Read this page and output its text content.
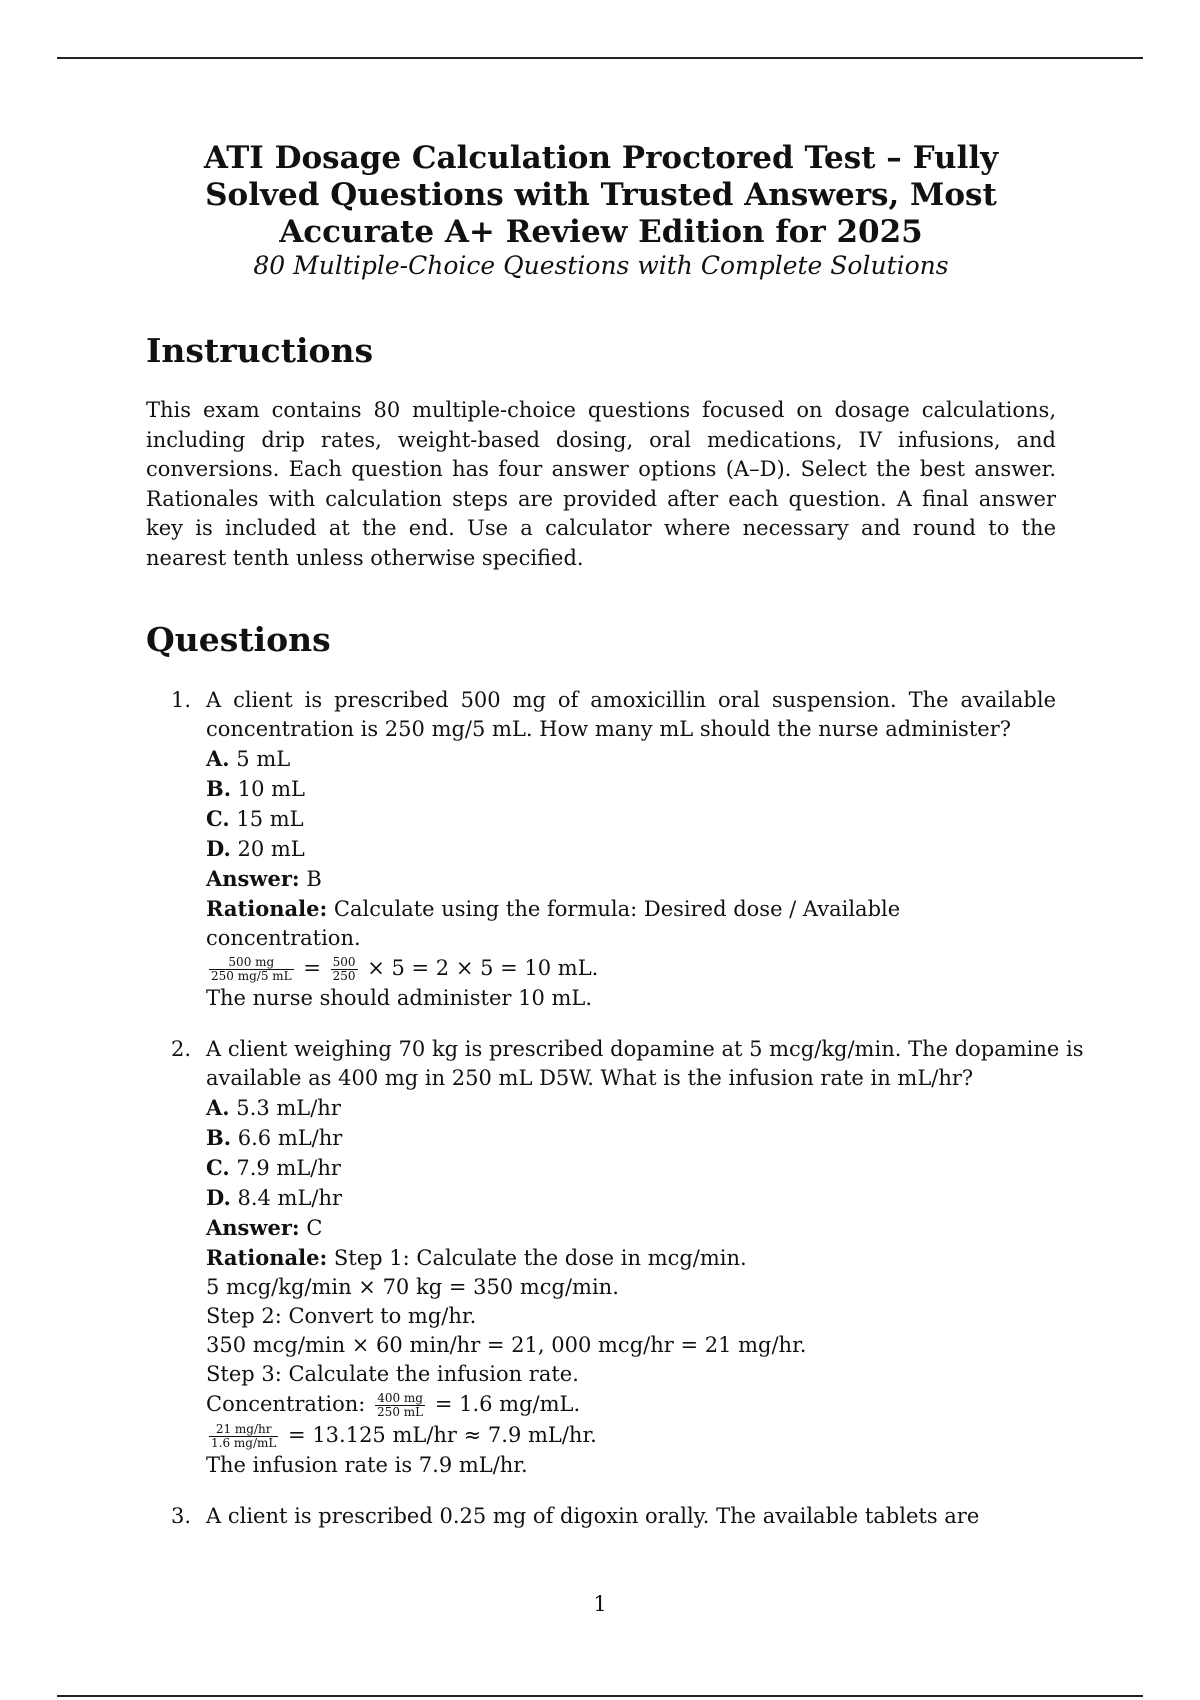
ATI Dosage Calculation Proctored Test – Fully Solved Questions with Trusted Answers, Most Accurate A+ Review Edition for 2025

80 Multiple-Choice Questions with Complete Solutions

Instructions

This exam contains 80 multiple-choice questions focused on dosage calculations, including drip rates, weight-based dosing, oral medications, IV infusions, and conversions. Each question has four answer options (A–D). Select the best answer. Rationales with calculation steps are provided after each question. A final answer key is included at the end. Use a calculator where necessary and round to the nearest tenth unless otherwise specified.

Questions
1. A client is prescribed 500 mg of amoxicillin oral suspension. The available concentration is 250 mg/5 mL. How many mL should the nurse administer?
A. 5 mL
B. 10 mL
C. 15 mL
D. 20 mL
Answer: B
Rationale: Calculate using the formula: Desired dose / Available concentration.
$\frac{500 mg}{250 mg/5 mL} = \frac{500}{250} \times 5 = 2 \times 5 = 10$ mL.
The nurse should administer 10 mL.
2. A client weighing 70 kg is prescribed dopamine at 5 mcg/kg/min. The dopamine is available as 400 mg in 250 mL D5W. What is the infusion rate in mL/hr?
A. 5.3 mL/hr
B. 6.6 mL/hr
C. 7.9 mL/hr
D. 8.4 mL/hr
Answer: C
Rationale: Step 1: Calculate the dose in mcg/min.
5 mcg/kg/min × 70 kg = 350 mcg/min.
Step 2: Convert to mg/hr.
350 mcg/min × 60 min/hr = 21, 000 mcg/hr = 21 mg/hr.
Step 3: Calculate the infusion rate.
Concentration: $\frac{400 mg}{250 mL} = 1.6$ mg/mL.
$\frac{21 mg/hr}{1.6 mg/mL} = 13.125$ mL/hr ≈ 7.9 mL/hr.
The infusion rate is 7.9 mL/hr.
3. A client is prescribed 0.25 mg of digoxin orally. The available tablets are
1
